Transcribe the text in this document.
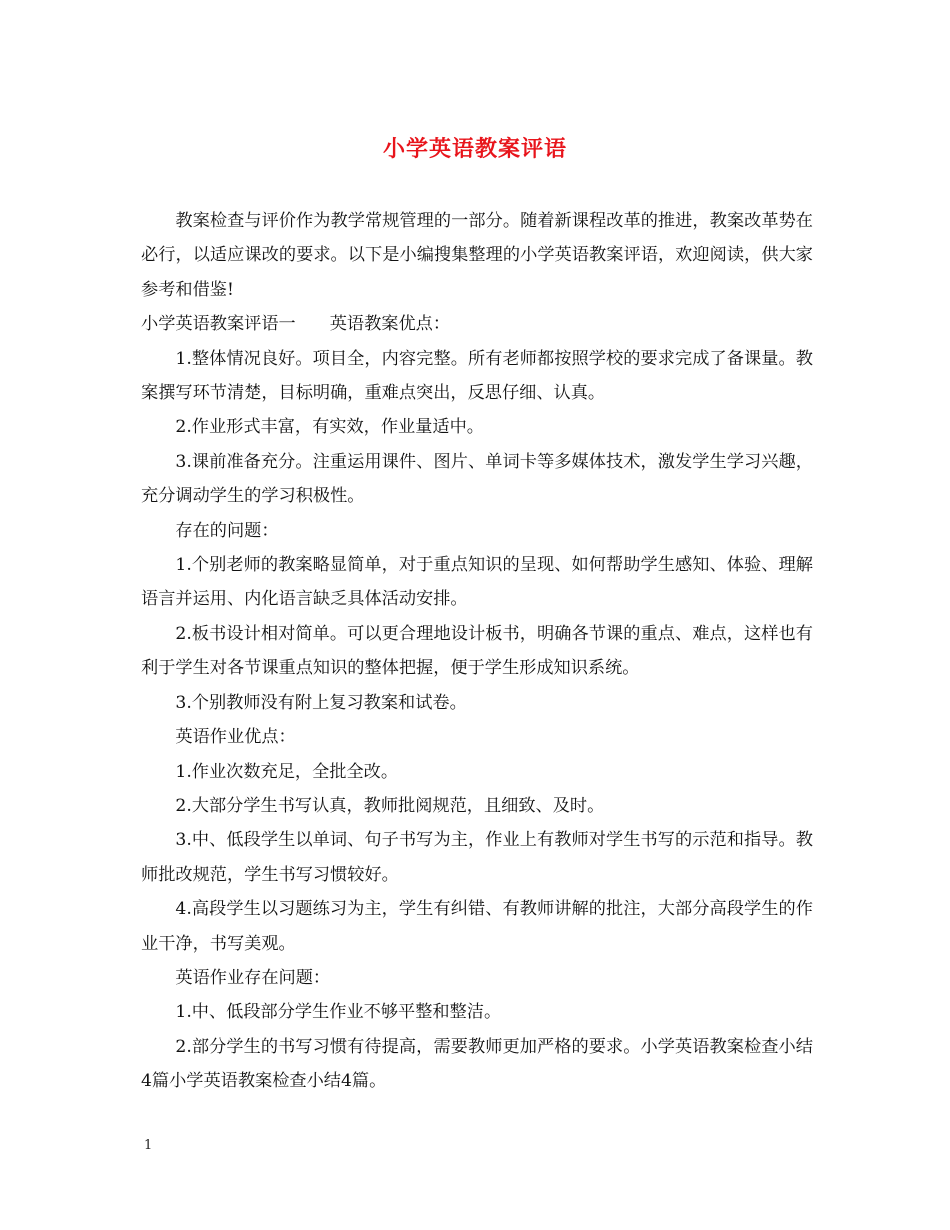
小学英语教案评语

教案检查与评价作为教学常规管理的一部分。随着新课程改革的推进，教案改革势在必行，以适应课改的要求。以下是小编搜集整理的小学英语教案评语，欢迎阅读，供大家参考和借鉴!

小学英语教案评语一 英语教案优点：

1.整体情况良好。项目全，内容完整。所有老师都按照学校的要求完成了备课量。教案撰写环节清楚，目标明确，重难点突出，反思仔细、认真。

2.作业形式丰富，有实效，作业量适中。

3.课前准备充分。注重运用课件、图片、单词卡等多媒体技术，激发学生学习兴趣，充分调动学生的学习积极性。

存在的问题：

1.个别老师的教案略显简单，对于重点知识的呈现、如何帮助学生感知、体验、理解语言并运用、内化语言缺乏具体活动安排。

2.板书设计相对简单。可以更合理地设计板书，明确各节课的重点、难点，这样也有利于学生对各节课重点知识的整体把握，便于学生形成知识系统。

3.个别教师没有附上复习教案和试卷。

英语作业优点：

1.作业次数充足，全批全改。

2.大部分学生书写认真，教师批阅规范，且细致、及时。

3.中、低段学生以单词、句子书写为主，作业上有教师对学生书写的示范和指导。教师批改规范，学生书写习惯较好。

4.高段学生以习题练习为主，学生有纠错、有教师讲解的批注，大部分高段学生的作业干净，书写美观。

英语作业存在问题：

1.中、低段部分学生作业不够平整和整洁。

2.部分学生的书写习惯有待提高，需要教师更加严格的要求。小学英语教案检查小结4篇小学英语教案检查小结4篇。

1
